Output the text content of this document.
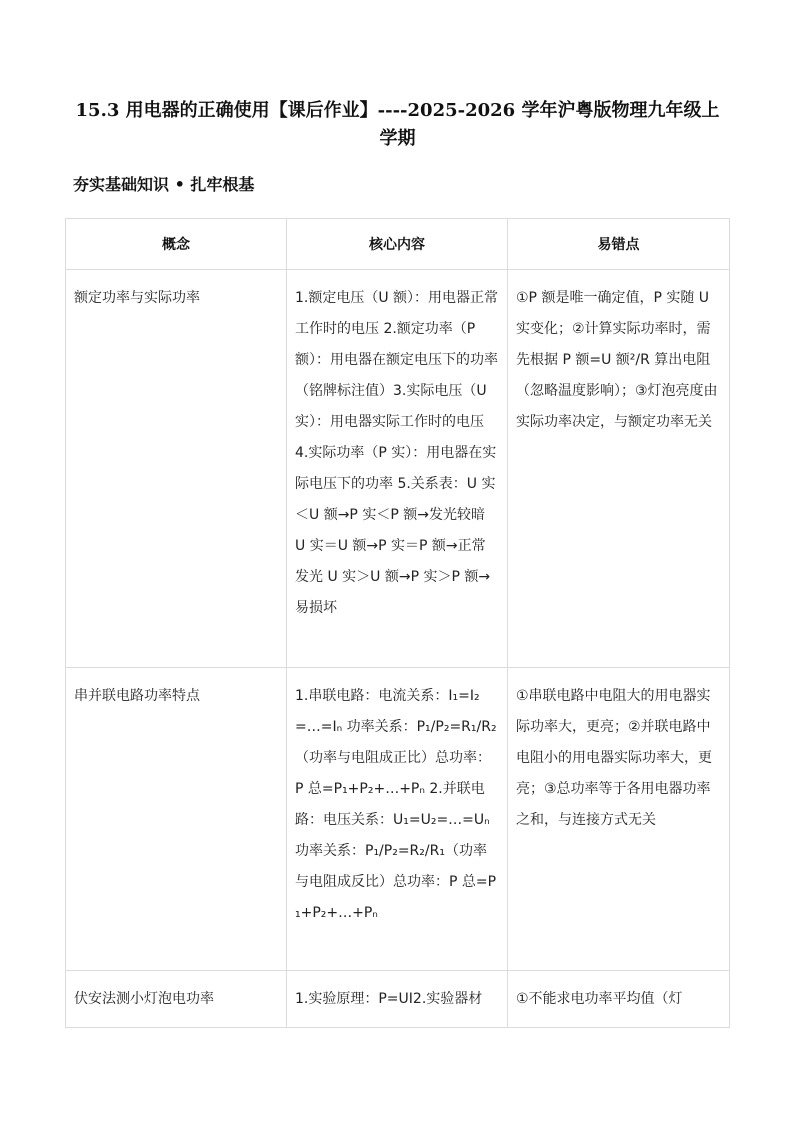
15.3 用电器的正确使用【课后作业】----2025-2026 学年沪粤版物理九年级上学期
夯实基础知识 • 扎牢根基
概念	核心内容	易错点
额定功率与实际功率	1.额定电压（U 额）：用电器正常工作时的电压 2.额定功率（P 额）：用电器在额定电压下的功率（铭牌标注值）3.实际电压（U 实）：用电器实际工作时的电压 4.实际功率（P 实）：用电器在实际电压下的功率 5.关系表：U 实＜U 额→P 实＜P 额→发光较暗 U 实＝U 额→P 实＝P 额→正常发光 U 实＞U 额→P 实＞P 额→易损坏	①P 额是唯一确定值，P 实随 U 实变化；②计算实际功率时，需先根据 P 额=U 额²/R 算出电阻（忽略温度影响）；③灯泡亮度由实际功率决定，与额定功率无关
串并联电路功率特点	1.串联电路：电流关系：I₁=I₂=…=Iₙ 功率关系：P₁/P₂=R₁/R₂（功率与电阻成正比）总功率：P 总=P₁+P₂+…+Pₙ 2.并联电路：电压关系：U₁=U₂=…=Uₙ 功率关系：P₁/P₂=R₂/R₁（功率与电阻成反比）总功率：P 总=P₁+P₂+…+Pₙ	①串联电路中电阻大的用电器实际功率大，更亮；②并联电路中电阻小的用电器实际功率大，更亮；③总功率等于各用电器功率之和，与连接方式无关
伏安法测小灯泡电功率	1.实验原理：P=UI2.实验器材	①不能求电功率平均值（灯
